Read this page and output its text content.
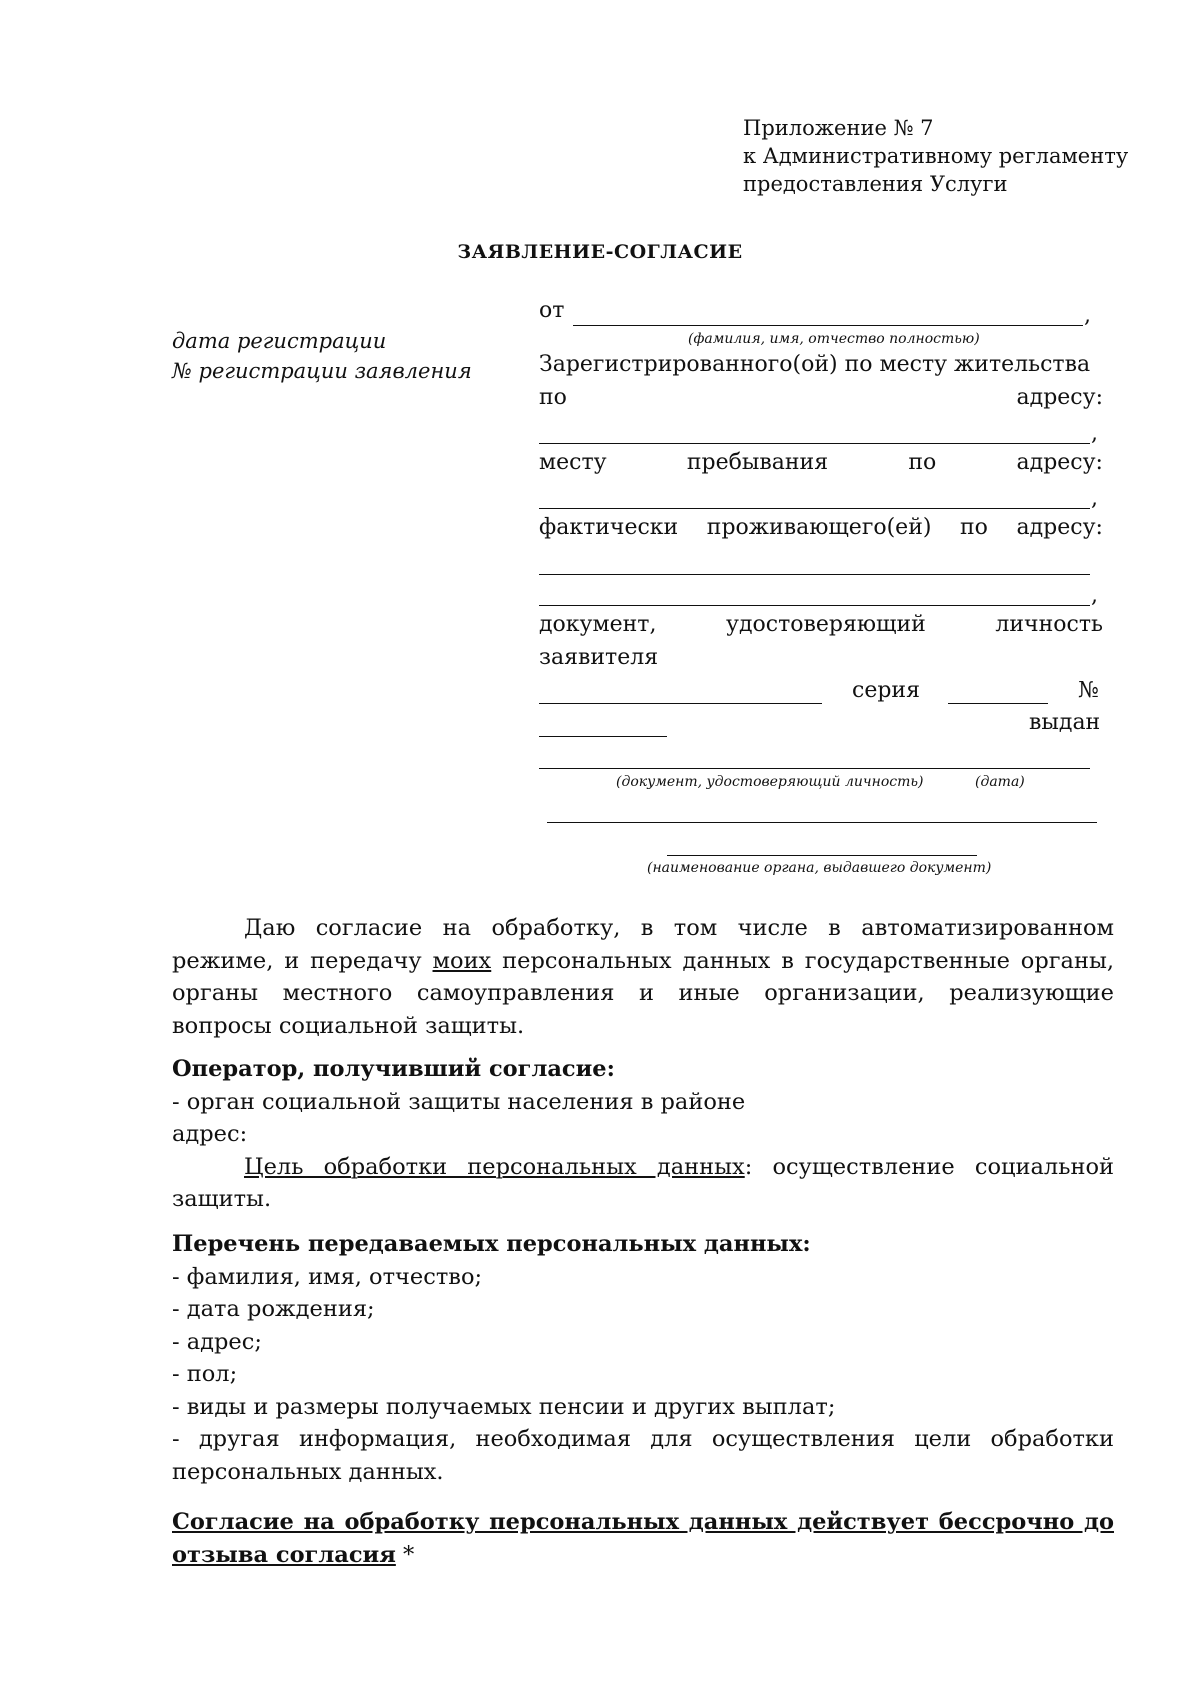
Приложение № 7
к Административному регламенту
предоставления Услуги
ЗАЯВЛЕНИЕ-СОГЛАСИЕ
дата регистрации
№ регистрации заявления
от	,
(фамилия, имя, отчество полностью)
Зарегистрированного(ой) по месту жительства
по	адресу:
,
месту	пребывания	по	адресу:
,
фактически проживающего(ей) по адресу:
,
документ,	удостоверяющий	личность
заявителя
серия	№
выдан
(документ, удостоверяющий личность)	(дата)
(наименование органа, выдавшего документ)

Даю согласие на обработку, в том числе в автоматизированном режиме, и передачу моих персональных данных в государственные органы, органы местного самоуправления и иные организации, реализующие вопросы социальной защиты.

Оператор, получивший согласие:

- орган социальной защиты населения в районе

адрес:

Цель обработки персональных данных: осуществление социальной защиты.

Перечень передаваемых персональных данных:

- фамилия, имя, отчество;

- дата рождения;

- адрес;

- пол;

- виды и размеры получаемых пенсии и других выплат;

- другая информация, необходимая для осуществления цели обработки персональных данных.

Согласие на обработку персональных данных действует бессрочно до отзыва согласия *
